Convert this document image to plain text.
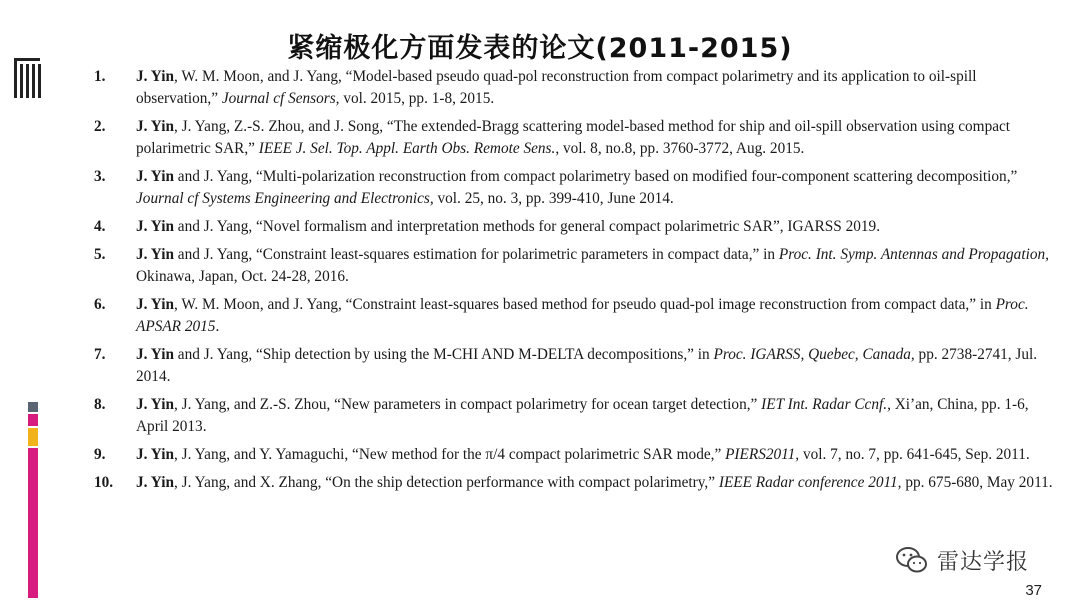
紧缩极化方面发表的论文(2011-2015)
1. J. Yin, W. M. Moon, and J. Yang, “Model-based pseudo quad-pol reconstruction from compact polarimetry and its application to oil-spill observation,” Journal cf Sensors, vol. 2015, pp. 1-8, 2015.
2. J. Yin, J. Yang, Z.-S. Zhou, and J. Song, “The extended-Bragg scattering model-based method for ship and oil-spill observation using compact polarimetric SAR,” IEEE J. Sel. Top. Appl. Earth Obs. Remote Sens., vol. 8, no.8, pp. 3760-3772, Aug. 2015.
3. J. Yin and J. Yang, “Multi-polarization reconstruction from compact polarimetry based on modified four-component scattering decomposition,” Journal cf Systems Engineering and Electronics, vol. 25, no. 3, pp. 399-410, June 2014.
4. J. Yin and J. Yang, “Novel formalism and interpretation methods for general compact polarimetric SAR”, IGARSS 2019.
5. J. Yin and J. Yang, “Constraint least-squares estimation for polarimetric parameters in compact data,” in Proc. Int. Symp. Antennas and Propagation, Okinawa, Japan, Oct. 24-28, 2016.
6. J. Yin, W. M. Moon, and J. Yang, “Constraint least-squares based method for pseudo quad-pol image reconstruction from compact data,” in Proc. APSAR 2015.
7. J. Yin and J. Yang, “Ship detection by using the M-CHI AND M-DELTA decompositions,” in Proc. IGARSS, Quebec, Canada, pp. 2738-2741, Jul. 2014.
8. J. Yin, J. Yang, and Z.-S. Zhou, “New parameters in compact polarimetry for ocean target detection,” IET Int. Radar Ccnf., Xi’an, China, pp. 1-6, April 2013.
9. J. Yin, J. Yang, and Y. Yamaguchi, “New method for the π/4 compact polarimetric SAR mode,” PIERS2011, vol. 7, no. 7, pp. 641-645, Sep. 2011.
10. J. Yin, J. Yang, and X. Zhang, “On the ship detection performance with compact polarimetry,” IEEE Radar conference 2011, pp. 675-680, May 2011.
雷达学报
37
